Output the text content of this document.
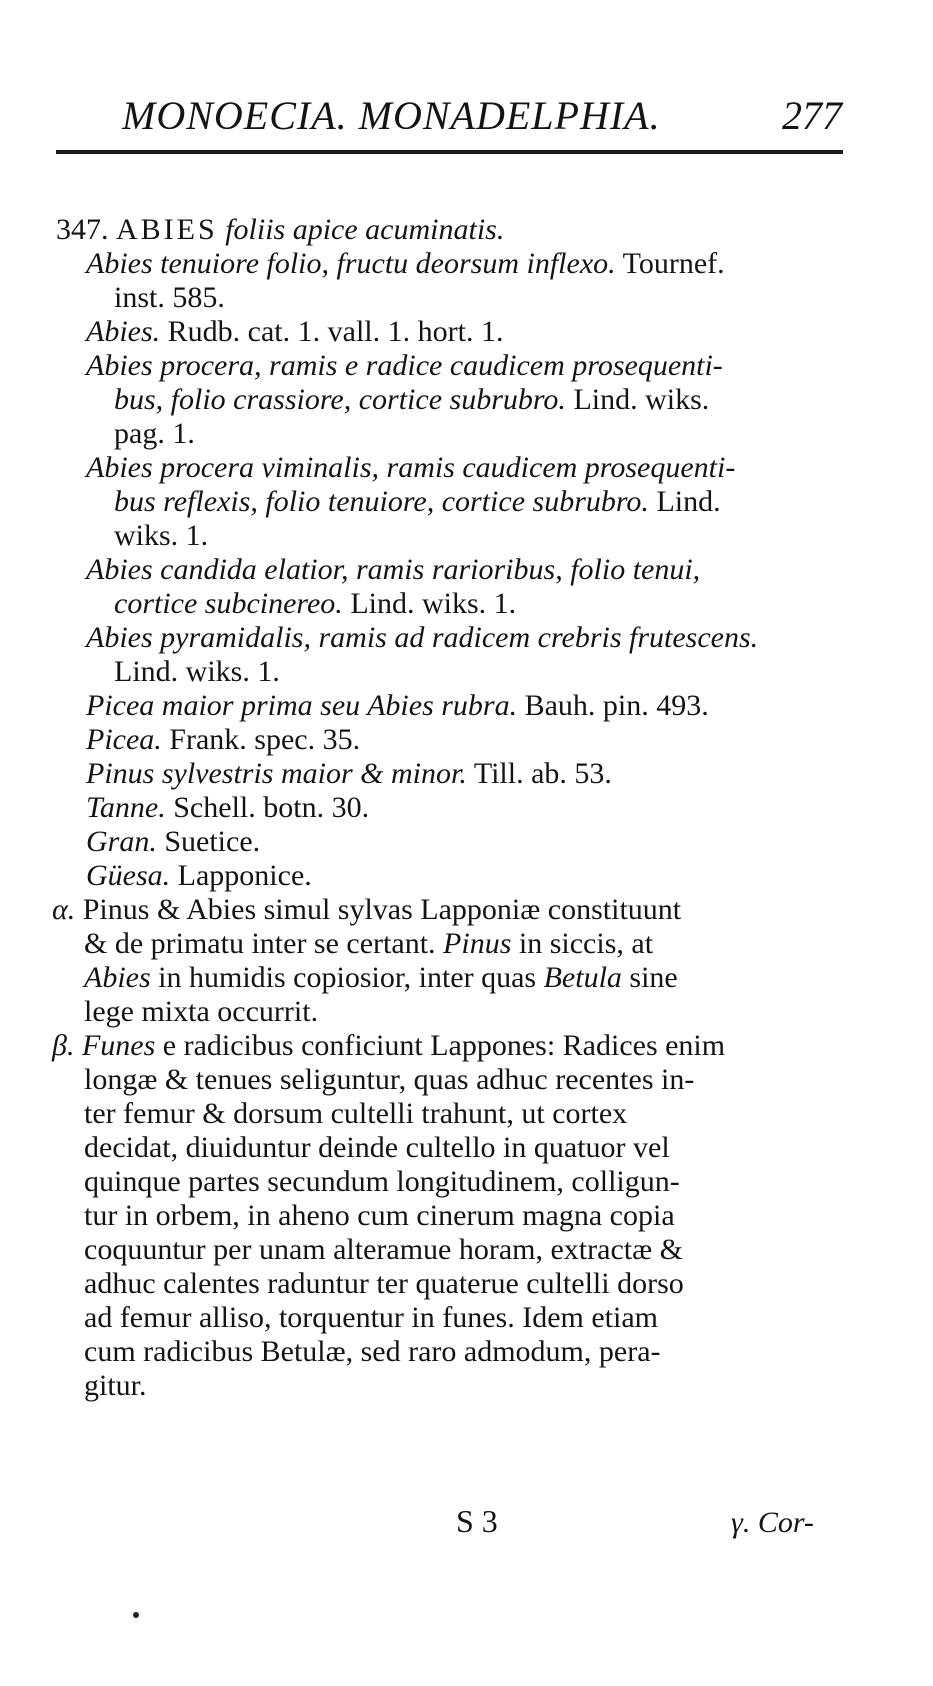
MONOECIA. MONADELPHIA.	277
347. ABIES foliis apice acuminatis.
Abies tenuiore folio, fructu deorsum inflexo. Tournef.
inst. 585.
Abies. Rudb. cat. 1. vall. 1. hort. 1.
Abies procera, ramis e radice caudicem prosequenti-
bus, folio crassiore, cortice subrubro. Lind. wiks.
pag. 1.
Abies procera viminalis, ramis caudicem prosequenti-
bus reflexis, folio tenuiore, cortice subrubro. Lind.
wiks. 1.
Abies candida elatior, ramis rarioribus, folio tenui,
cortice subcinereo. Lind. wiks. 1.
Abies pyramidalis, ramis ad radicem crebris frutescens.
Lind. wiks. 1.
Picea maior prima seu Abies rubra. Bauh. pin. 493.
Picea. Frank. spec. 35.
Pinus sylvestris maior & minor. Till. ab. 53.
Tanne. Schell. botn. 30.
Gran. Suetice.
Güesa. Lapponice.
α. Pinus & Abies simul sylvas Lapponiæ constituunt
& de primatu inter se certant. Pinus in siccis, at
Abies in humidis copiosior, inter quas Betula sine
lege mixta occurrit.
β. Funes e radicibus conficiunt Lappones: Radices enim
longæ & tenues seliguntur, quas adhuc recentes in-
ter femur & dorsum cultelli trahunt, ut cortex
decidat, diuiduntur deinde cultello in quatuor vel
quinque partes secundum longitudinem, colligun-
tur in orbem, in aheno cum cinerum magna copia
coquuntur per unam alteramue horam, extractæ &
adhuc calentes raduntur ter quaterue cultelli dorso
ad femur alliso, torquentur in funes. Idem etiam
cum radicibus Betulæ, sed raro admodum, pera-
gitur.
S 3	γ. Cor-
